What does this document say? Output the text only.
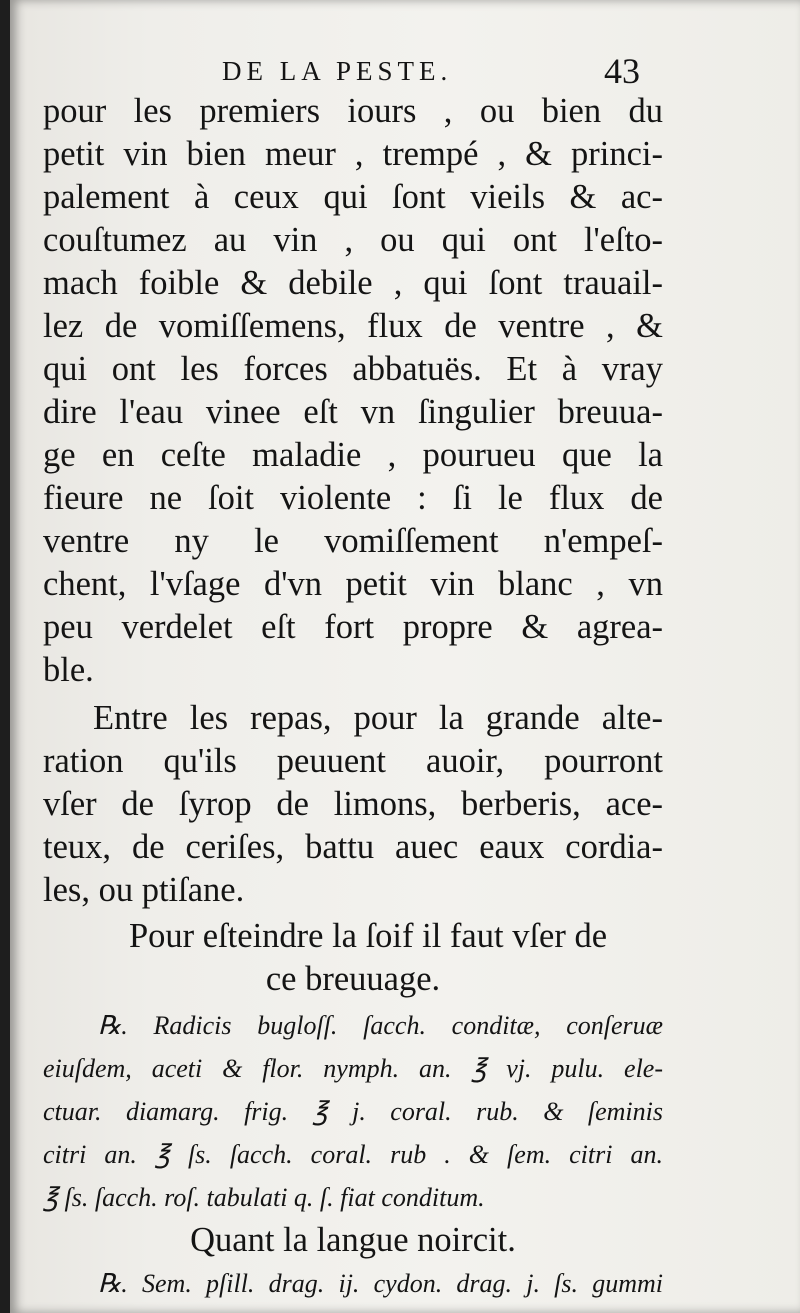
DE LA PESTE.	43
pour les premiers iours , ou bien du
petit vin bien meur , trempé , & princi-
palement à ceux qui ſont vieils & ac-
couſtumez au vin , ou qui ont l'eſto-
mach foible & debile , qui ſont trauail-
lez de vomiſſemens, flux de ventre , &
qui ont les forces abbatuës. Et à vray
dire l'eau vinee eſt vn ſingulier breuua-
ge en ceſte maladie , pourueu que la
fieure ne ſoit violente : ſi le flux de
ventre ny le vomiſſement n'empeſ-
chent, l'vſage d'vn petit vin blanc , vn
peu verdelet eſt fort propre & agrea-
ble.
Entre les repas, pour la grande alte-
ration qu'ils peuuent auoir, pourront
vſer de ſyrop de limons, berberis, ace-
teux, de ceriſes, battu auec eaux cordia-
les, ou ptiſane.
Pour eſteindre la ſoif il faut vſer de
ce breuuage.
℞. Radicis bugloſſ. ſacch. conditæ, conſeruæ
eiuſdem, aceti & flor. nymph. an. ℥ vj. pulu. ele-
ctuar. diamarg. frig. ℥ j. coral. rub. & ſeminis
citri an. ℥ ſs. ſacch. coral. rub . & ſem. citri an.
℥ ſs. ſacch. roſ. tabulati q. ſ. fiat conditum.
Quant la langue noircit.
℞. Sem. pſill. drag. ij. cydon. drag. j. ſs. gummi
